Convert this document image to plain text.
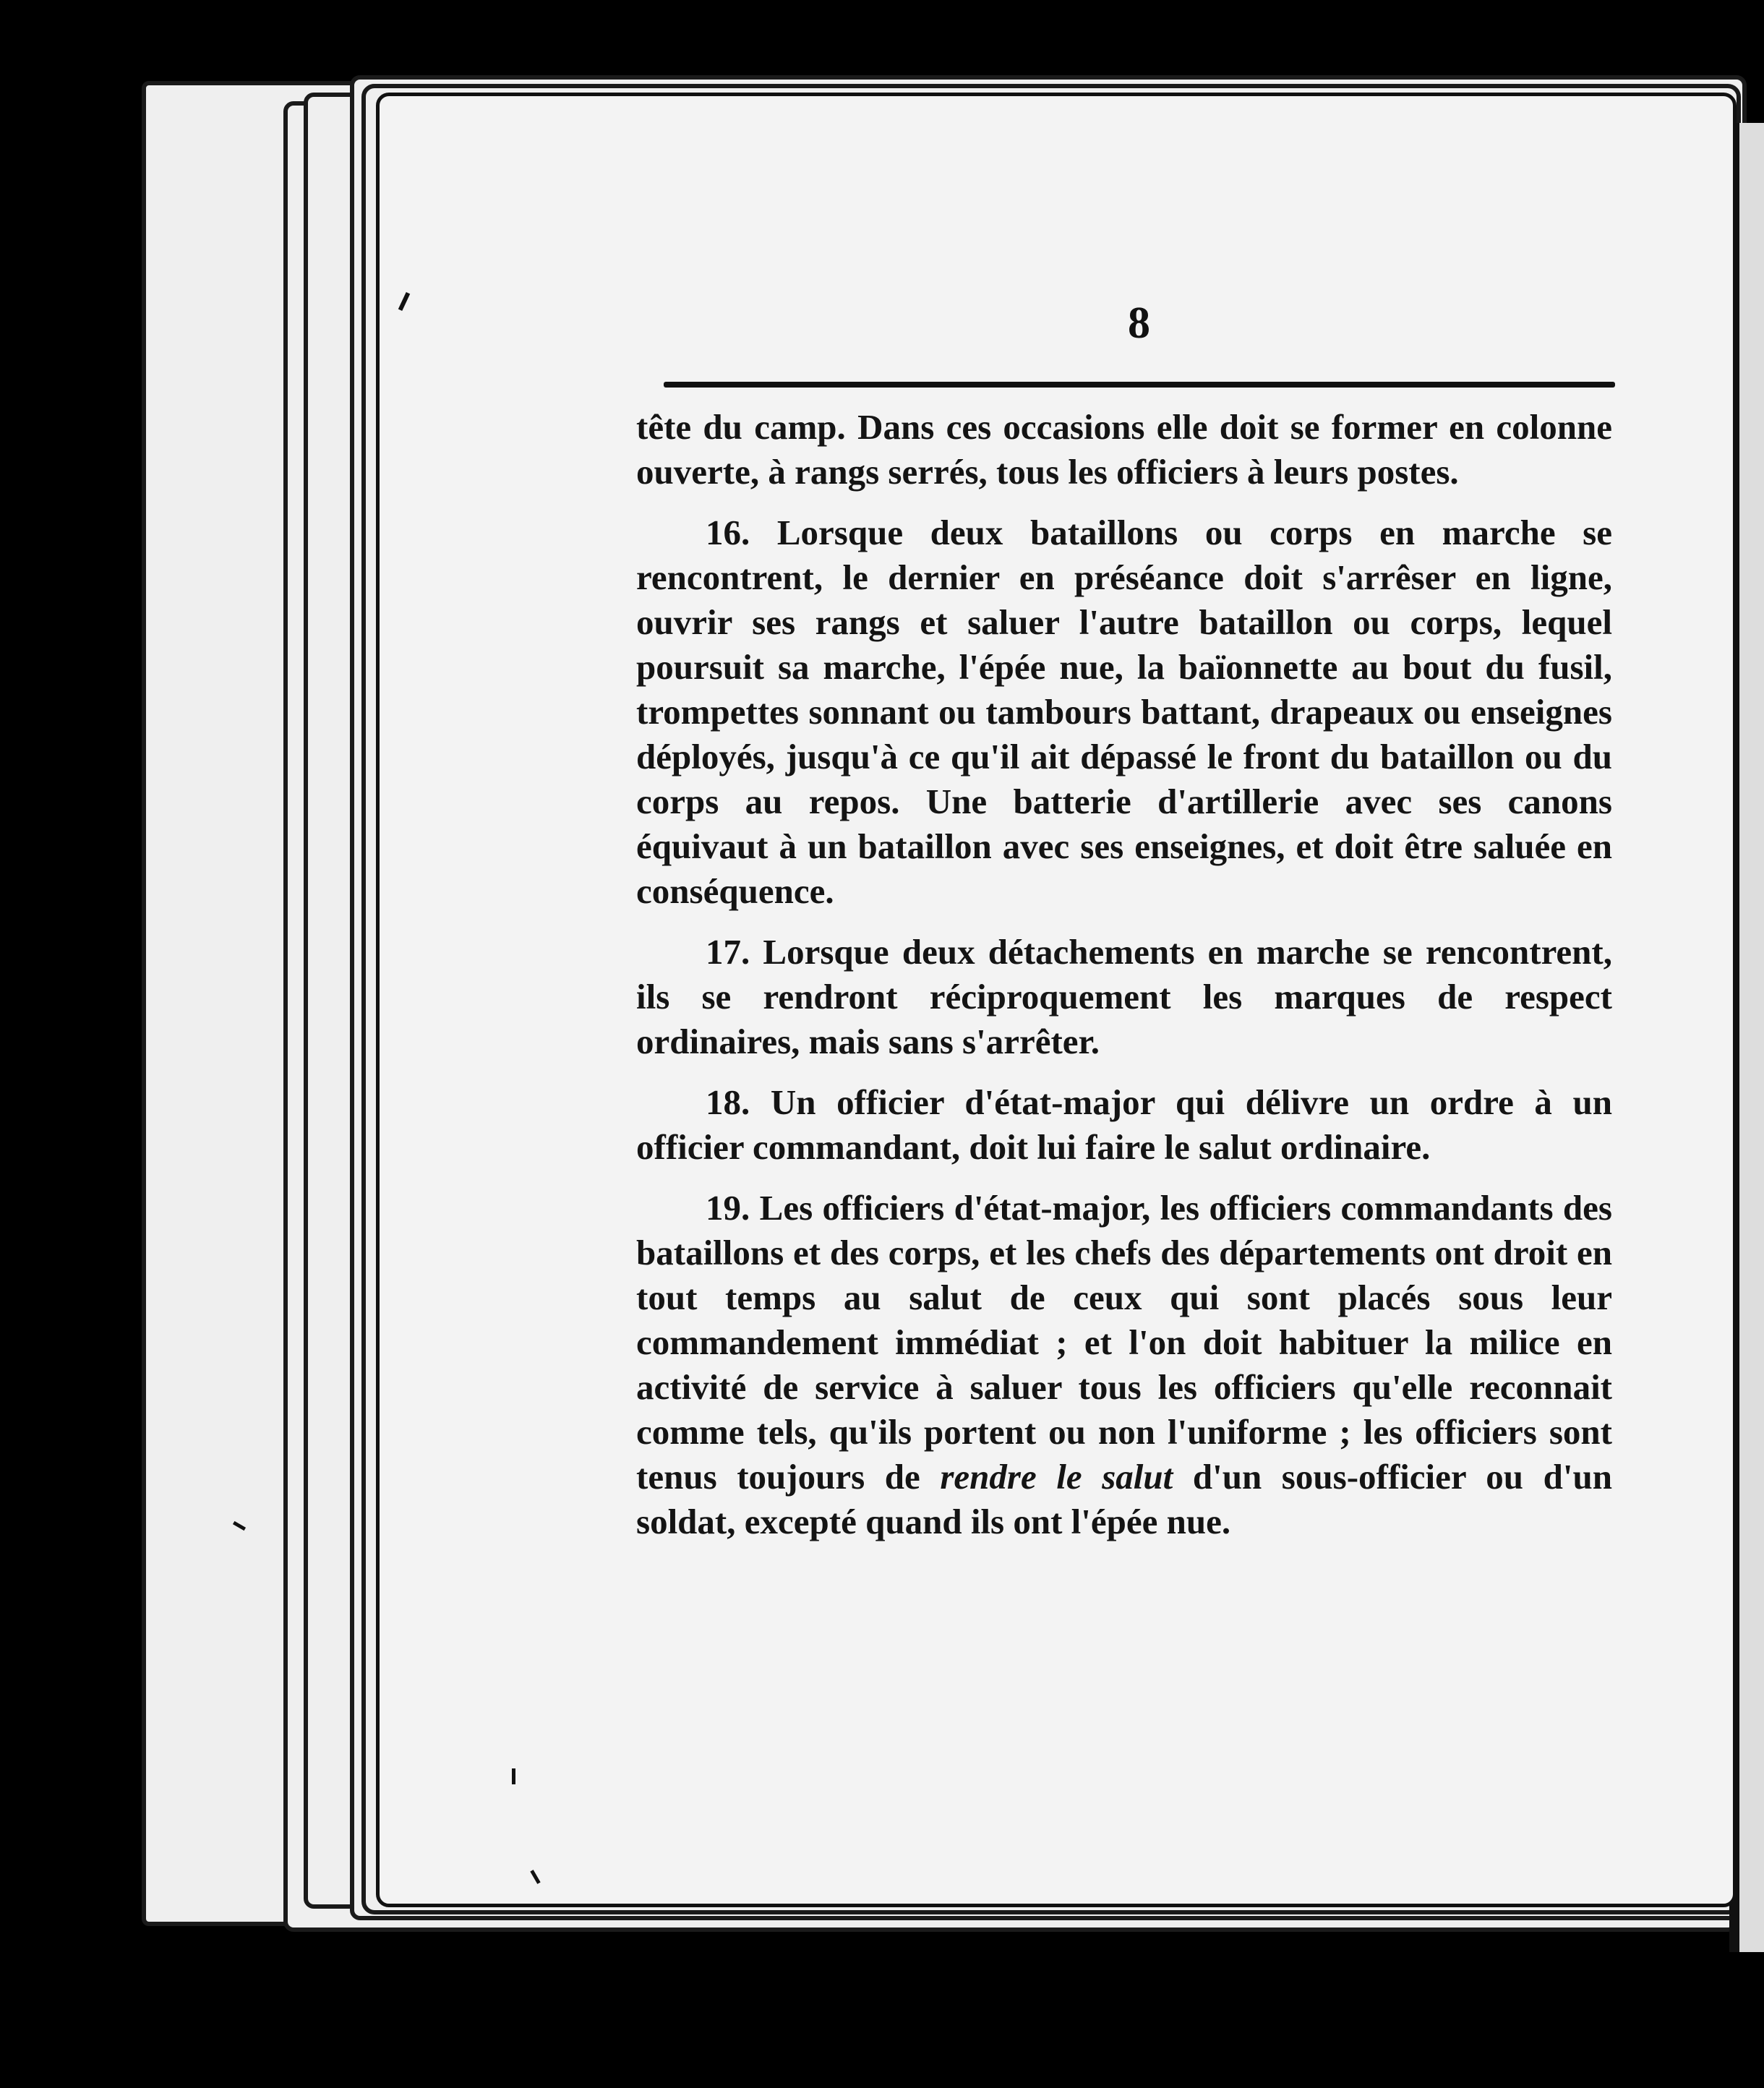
8

tête du camp. Dans ces occasions elle doit se former en colonne ouverte, à rangs serrés, tous les officiers à leurs postes.

16. Lorsque deux bataillons ou corps en marche se rencontrent, le dernier en préséance doit s'arrêser en ligne, ouvrir ses rangs et saluer l'autre bataillon ou corps, lequel poursuit sa marche, l'épée nue, la baïonnette au bout du fusil, trompettes sonnant ou tambours battant, drapeaux ou enseignes déployés, jusqu'à ce qu'il ait dépassé le front du bataillon ou du corps au repos. Une batterie d'artillerie avec ses canons équivaut à un bataillon avec ses enseignes, et doit être saluée en conséquence.

17. Lorsque deux détachements en marche se rencontrent, ils se rendront réciproquement les marques de respect ordinaires, mais sans s'arrêter.

18. Un officier d'état-major qui délivre un ordre à un officier commandant, doit lui faire le salut ordinaire.

19. Les officiers d'état-major, les officiers commandants des bataillons et des corps, et les chefs des départements ont droit en tout temps au salut de ceux qui sont placés sous leur commandement immédiat ; et l'on doit habituer la milice en activité de service à saluer tous les officiers qu'elle reconnait comme tels, qu'ils portent ou non l'uniforme ; les officiers sont tenus toujours de rendre le salut d'un sous-officier ou d'un soldat, excepté quand ils ont l'épée nue.
